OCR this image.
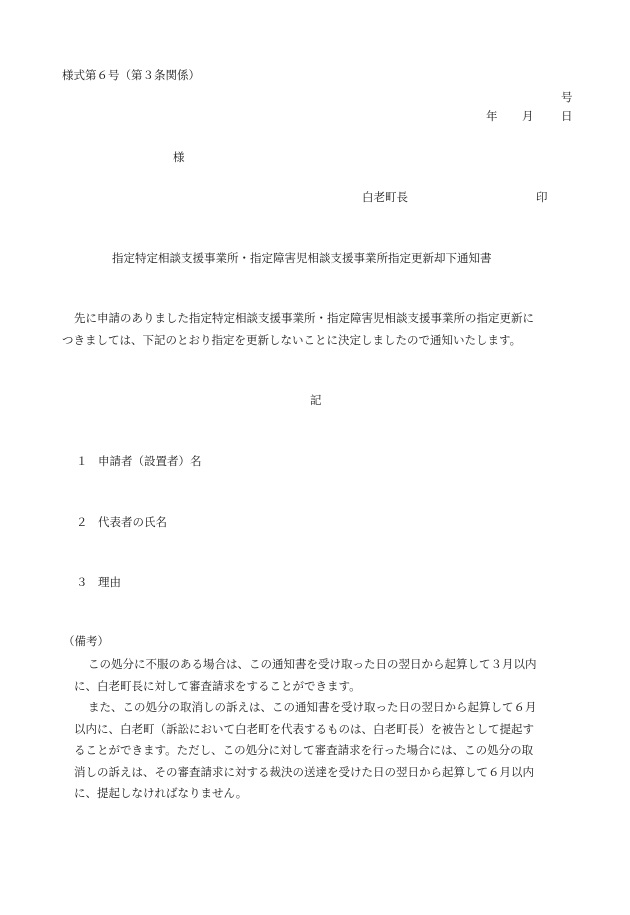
様式第６号（第３条関係）
号
年 月 日
様
白老町長	印
指定特定相談支援事業所・指定障害児相談支援事業所指定更新却下通知書
先に申請のありました指定特定相談支援事業所・指定障害児相談支援事業所の指定更新に
つきましては、下記のとおり指定を更新しないことに決定しましたので通知いたします。
記
１ 申請者（設置者）名
２ 代表者の氏名
３ 理由
（備考）
この処分に不服のある場合は、この通知書を受け取った日の翌日から起算して３月以内
に、白老町長に対して審査請求をすることができます。
また、この処分の取消しの訴えは、この通知書を受け取った日の翌日から起算して６月
以内に、白老町（訴訟において白老町を代表するものは、白老町長）を被告として提起す
ることができます。ただし、この処分に対して審査請求を行った場合には、この処分の取
消しの訴えは、その審査請求に対する裁決の送達を受けた日の翌日から起算して６月以内
に、提起しなければなりません。
